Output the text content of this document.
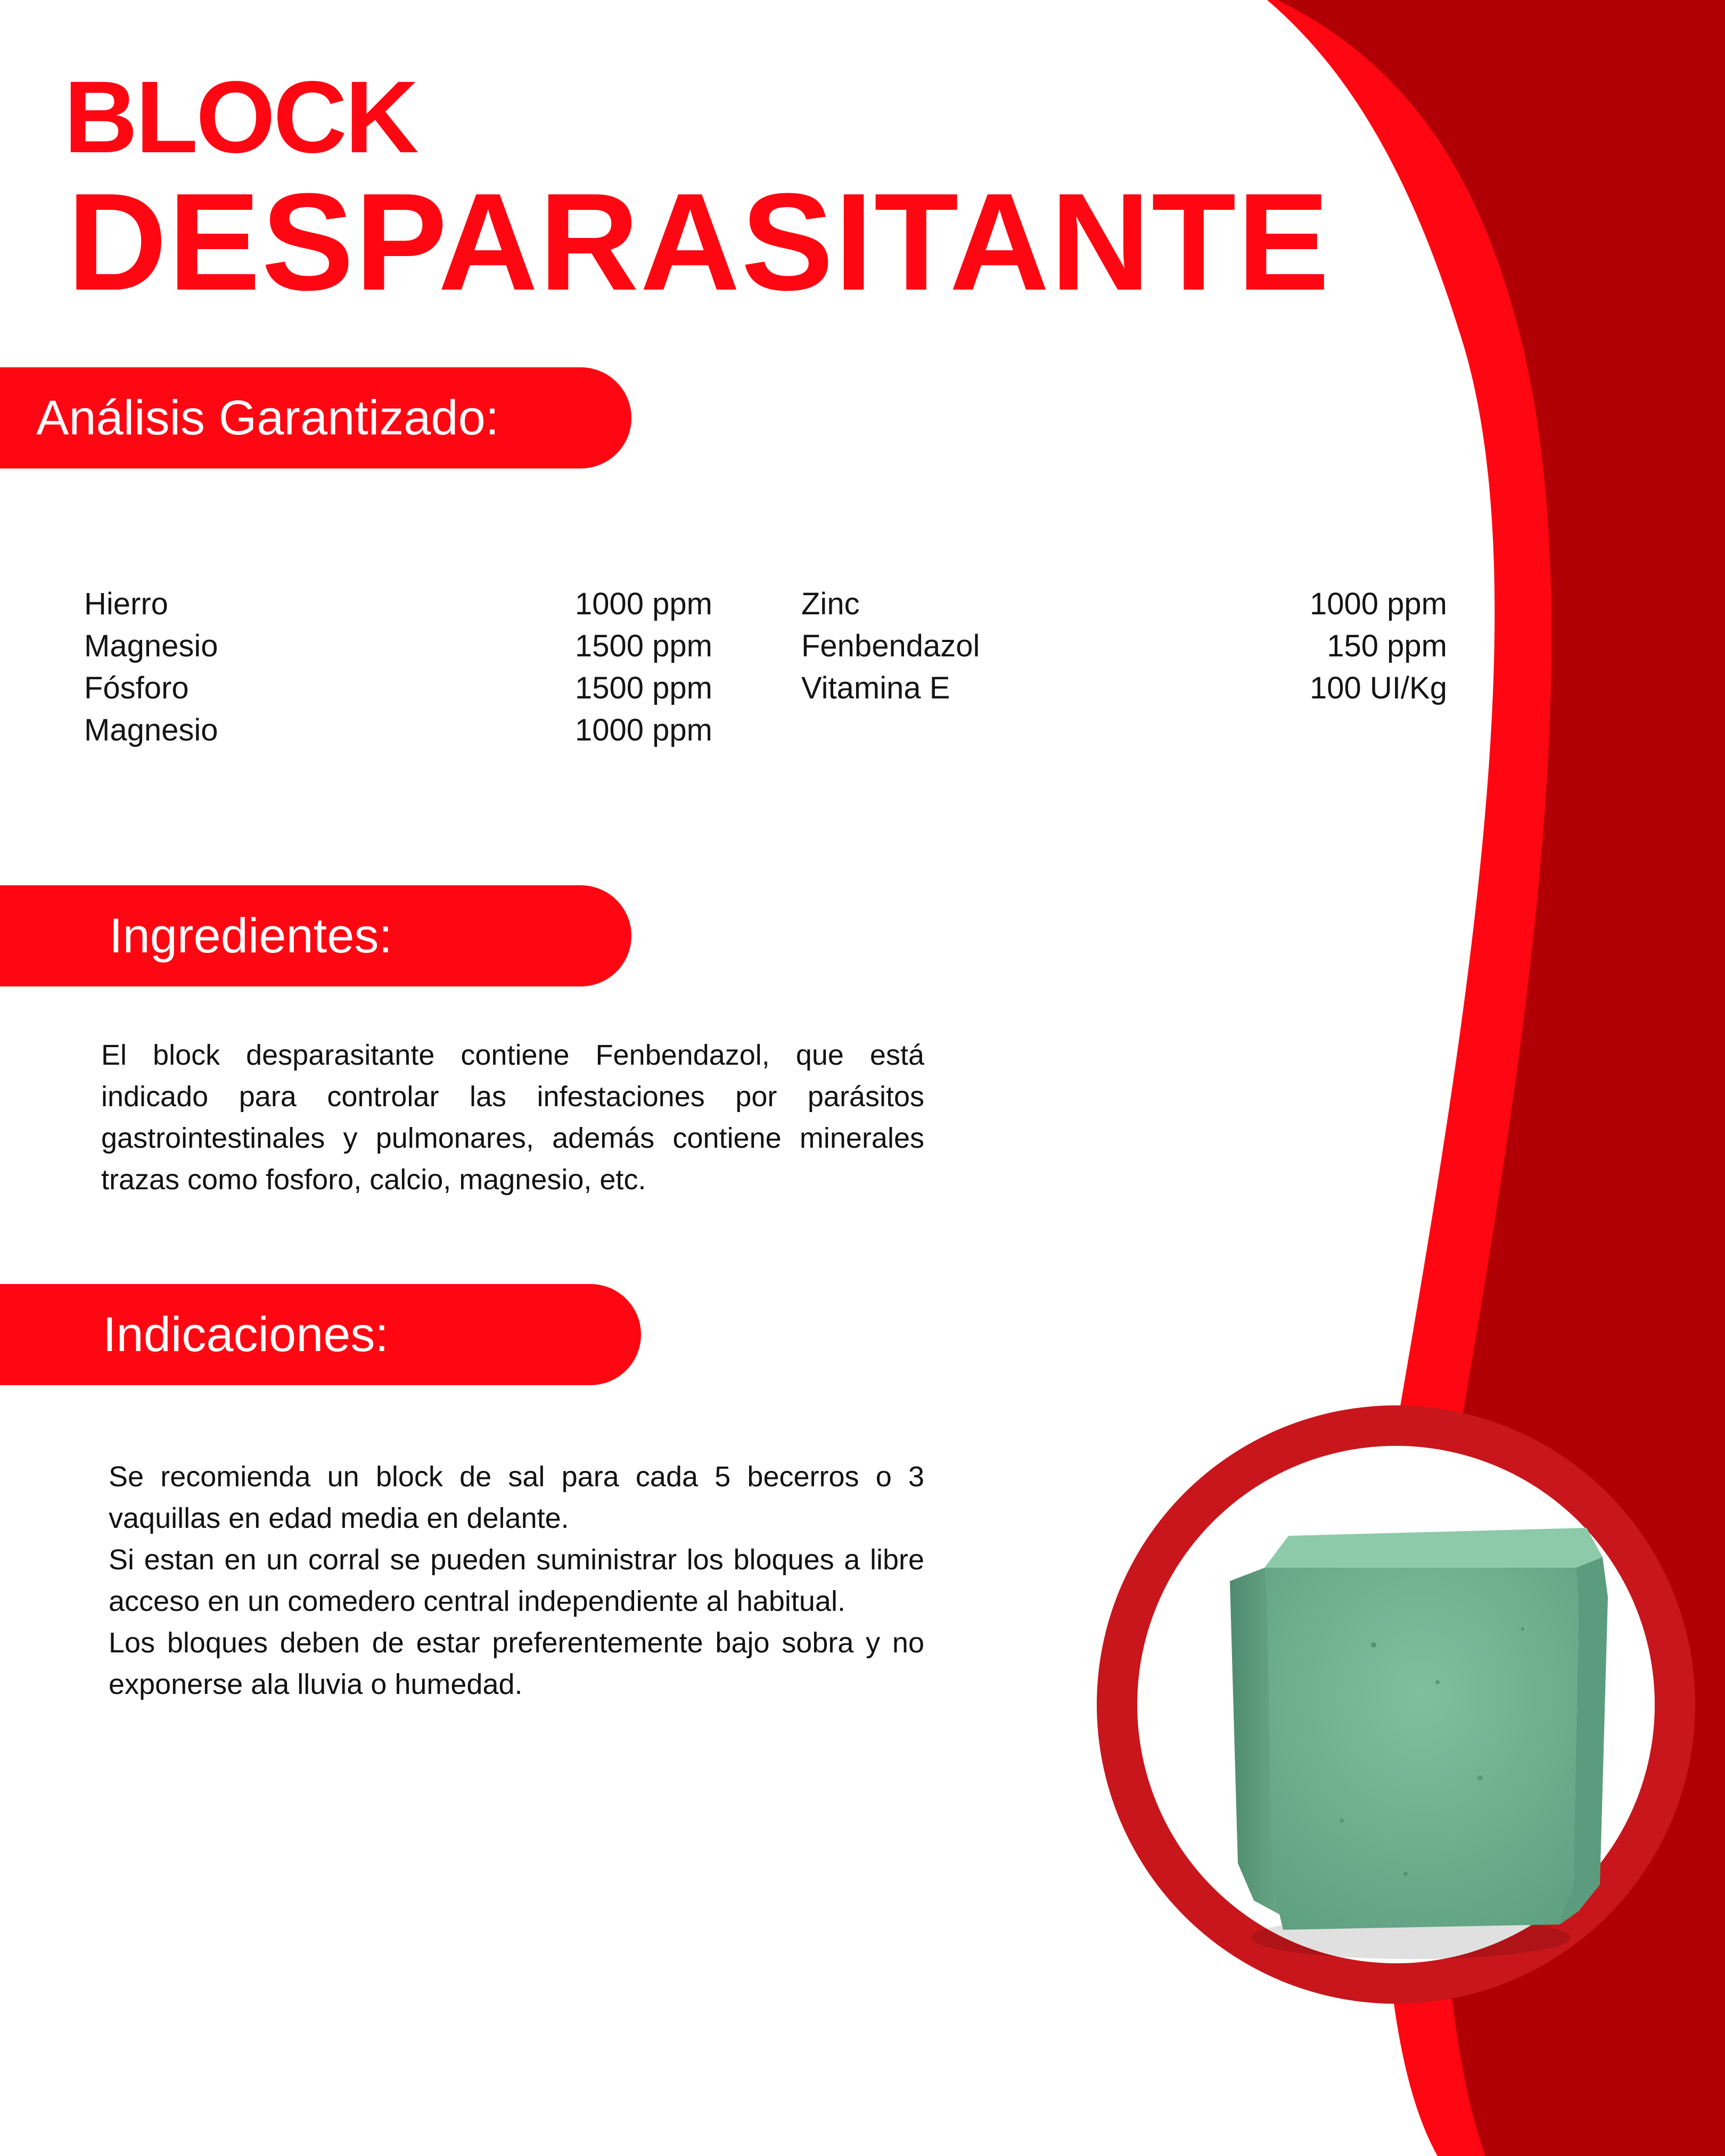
BLOCK
DESPARASITANTE
Análisis Garantizado:
Hierro	1000 ppm
Magnesio	1500 ppm
Fósforo	1500 ppm
Magnesio	1000 ppm
Zinc	1000 ppm
Fenbendazol	150 ppm
Vitamina E	100 UI/Kg
Ingredientes:

El block desparasitante contiene Fenbendazol, que está indicado para controlar las infestaciones por parásitos gastrointestinales y pulmonares, además contiene minerales trazas como fosforo, calcio, magnesio, etc.

Indicaciones:

Se recomienda un block de sal para cada 5 becerros o 3 vaquillas en edad media en delante.

Si estan en un corral se pueden suministrar los bloques a libre acceso en un comedero central independiente al habitual.

Los bloques deben de estar preferentemente bajo sobra y no exponerse ala lluvia o humedad.
